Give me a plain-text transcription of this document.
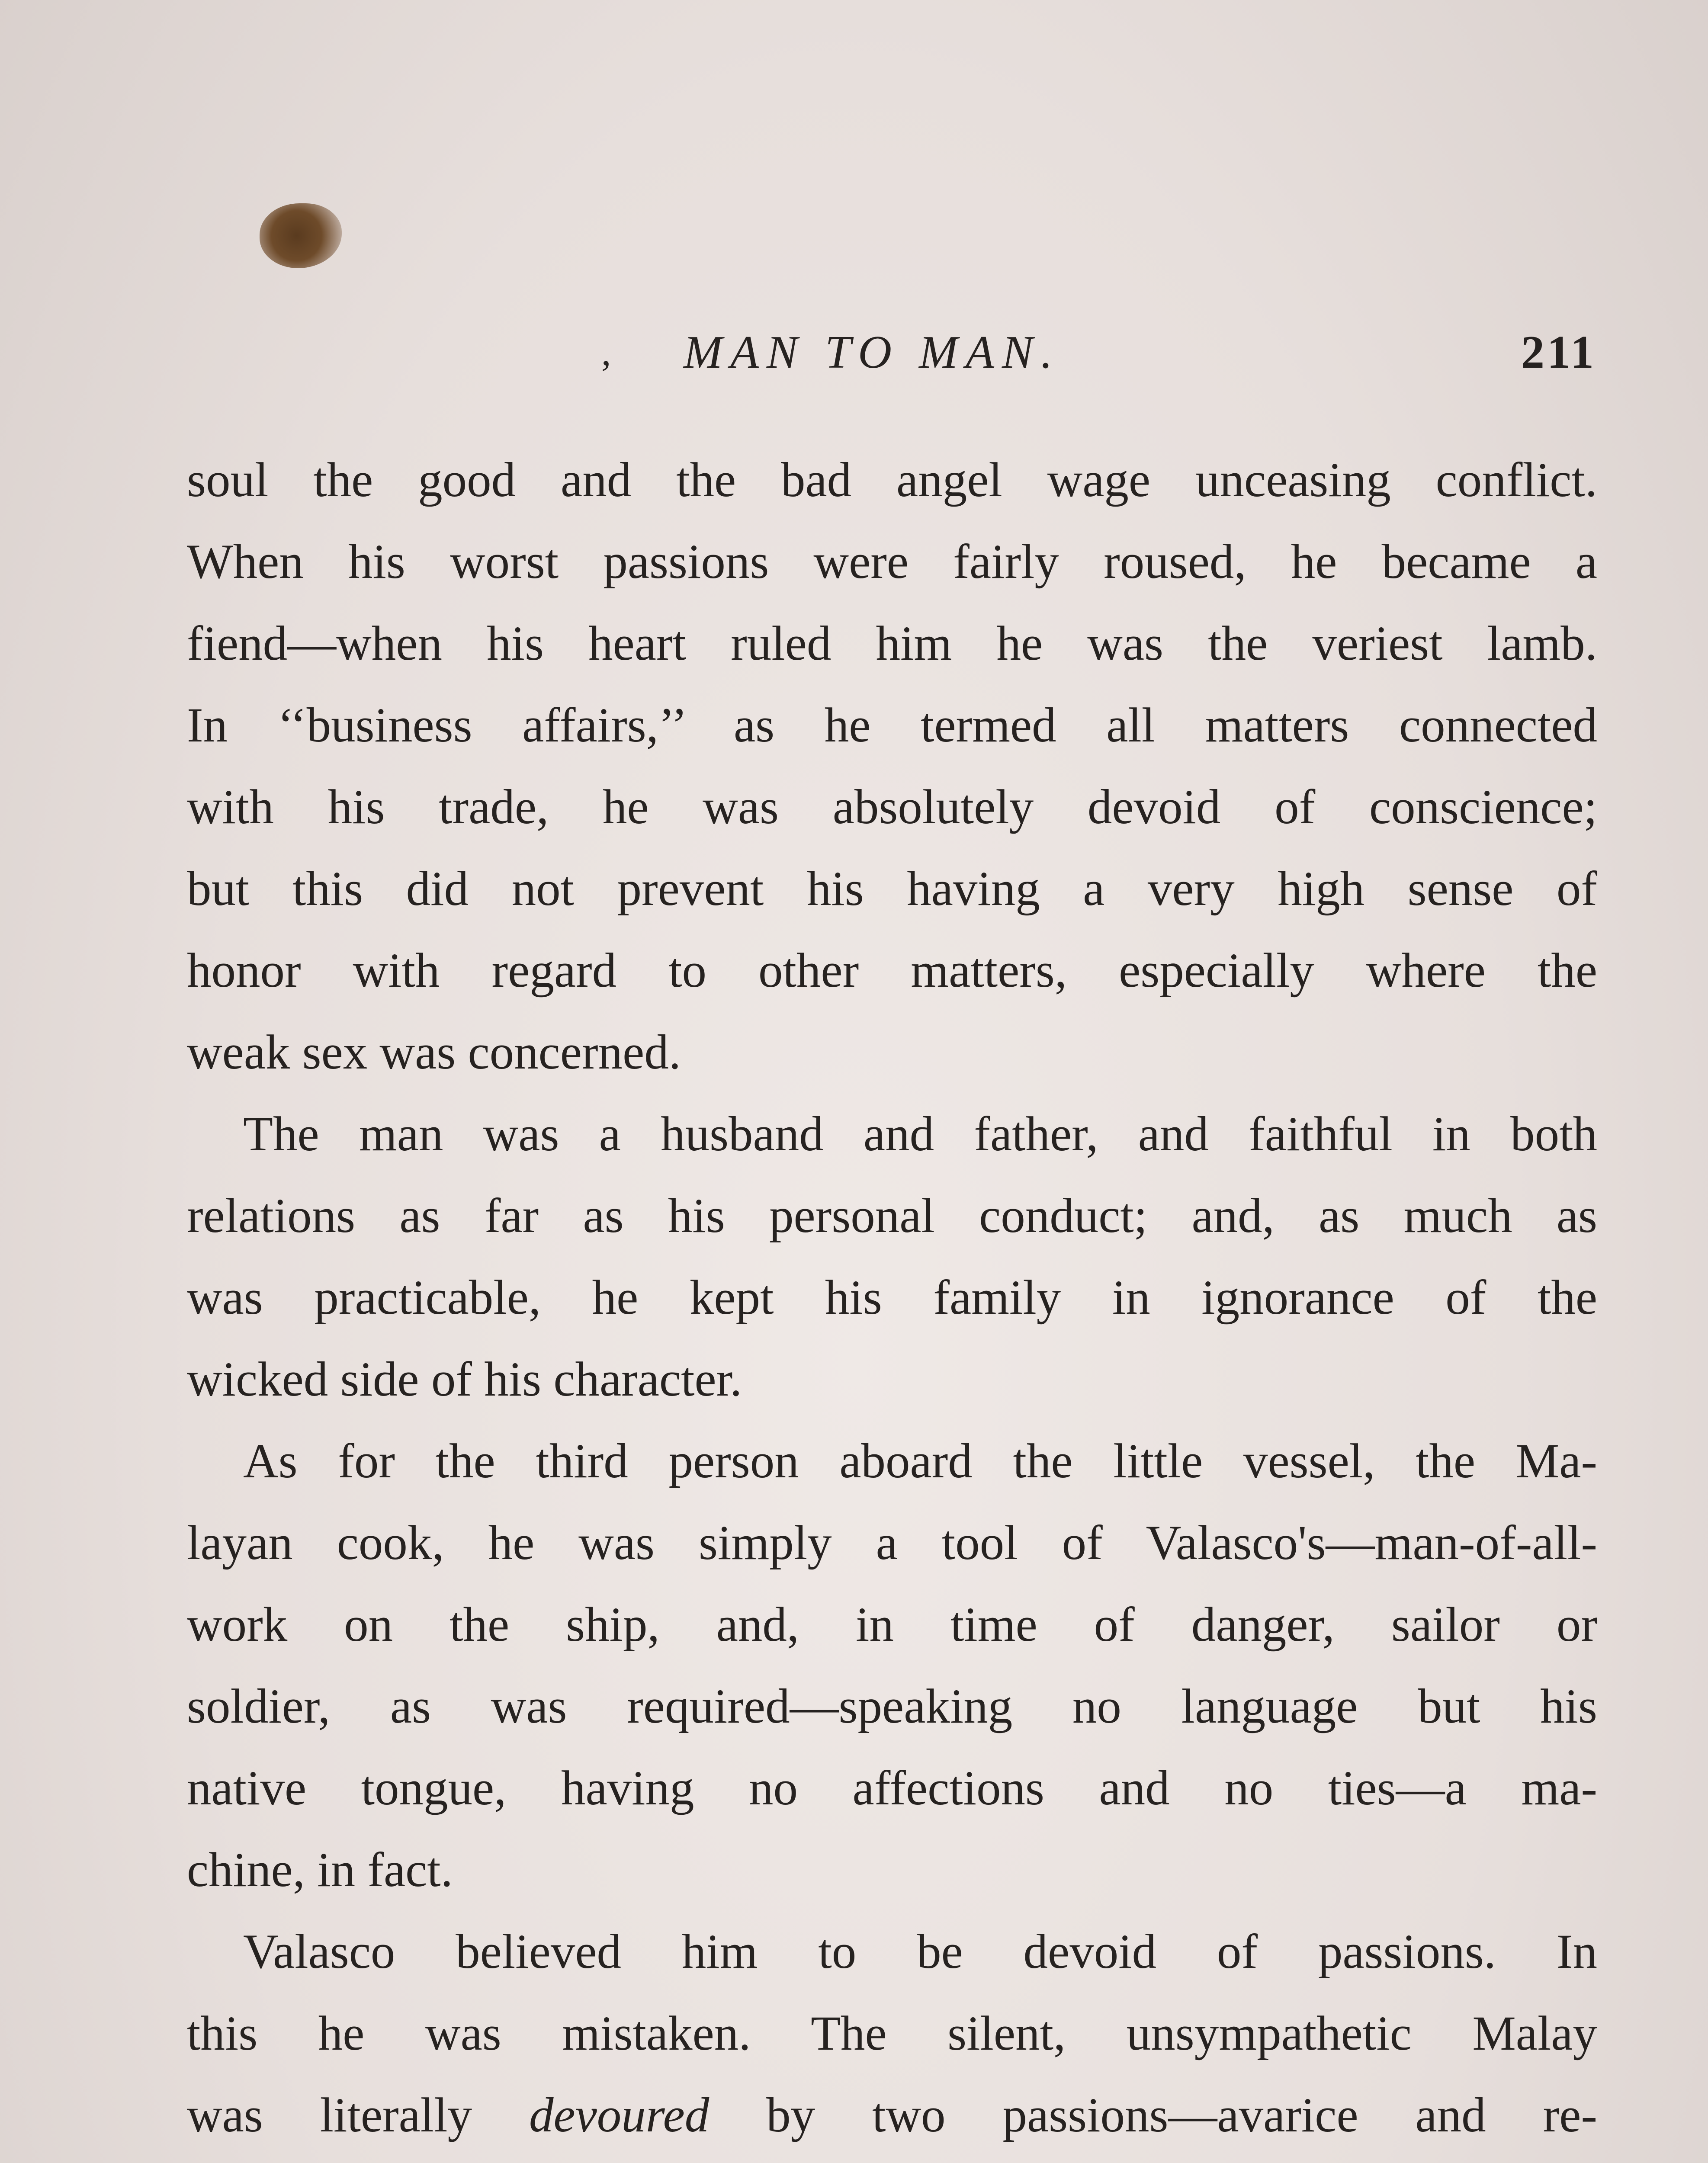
, MAN TO MAN.	211
soul the good and the bad angel wage unceasing conflict.
When his worst passions were fairly roused, he became a
fiend—when his heart ruled him he was the veriest lamb.
In ‘‘business affairs,’’ as he termed all matters connected
with his trade, he was absolutely devoid of conscience;
but this did not prevent his having a very high sense of
honor with regard to other matters, especially where the
weak sex was concerned.
The man was a husband and father, and faithful in both
relations as far as his personal conduct; and, as much as
was practicable, he kept his family in ignorance of the
wicked side of his character.
As for the third person aboard the little vessel, the Ma-
layan cook, he was simply a tool of Valasco's—man-of-all-
work on the ship, and, in time of danger, sailor or
soldier, as was required—speaking no language but his
native tongue, having no affections and no ties—a ma-
chine, in fact.
Valasco believed him to be devoid of passions. In
this he was mistaken. The silent, unsympathetic Malay
was literally devoured by two passions—avarice and re-
